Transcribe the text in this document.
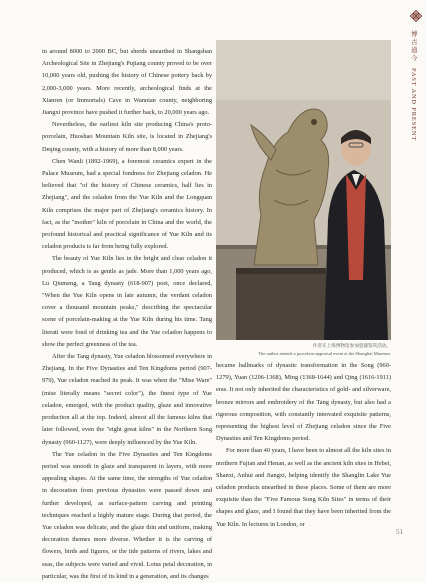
博古通今
PAST AND PRESENT

in around 8000 to 2000 BC, but sherds unearthed in Shangshan Archeological Site in Zhejiang's Pujiang county proved to be over 10,000 years old, pushing the history of Chinese pottery back by 2,000-3,000 years. More recently, archeological finds at the Xianren (or Immortals) Cave in Wannian county, neighboring Jiangxi province have pushed it further back, to 20,000 years ago.

Nevertheless, the earliest kiln site producing China's proto-porcelain, Huoshao Mountain Kiln site, is located in Zhejiang's Deqing county, with a history of more than 8,000 years.

Chen Wanli (1892-1969), a foremost ceramics expert in the Palace Museum, had a special fondness for Zhejiang celadon. He believed that "of the history of Chinese ceramics, half lies in Zhejiang", and the celadon from the Yue Kiln and the Longquan Kiln comprises the major part of Zhejiang's ceramics history. In fact, as the "mother" kiln of porcelain in China and the world, the profound historical and practical significance of Yue Kiln and its celadon products is far from being fully explored.

The beauty of Yue Kiln lies in the bright and clear celadon it produced, which is as gentle as jade. More than 1,000 years ago, Lu Qiumeng, a Tang dynasty (618-907) poet, once declared, "When the Yue Kiln opens in late autumn, the verdant celadon cover a thousand mountain peaks," describing the spectacular scene of porcelain-making at the Yue Kiln during his time. Tang literati were fond of drinking tea and the Yue celadon happens to show the perfect greenness of the tea.

After the Tang dynasty, Yue celadon blossomed everywhere in Zhejiang. In the Five Dynasties and Ten Kingdoms period (907-979), Yue celadon reached its peak. It was when the "Mise Ware" (mise literally means "secret color"), the finest type of Yue celadon, emerged, with the product quality, glaze and innovative production all at the top. Indeed, almost all the famous kilns that later followed, even the "eight great kilns" in the Northern Song dynasty (960-1127), were deeply influenced by the Yue Kiln.

The Yue celadon in the Five Dynasties and Ten Kingdoms period was smooth in glaze and transparent in layers, with more appealing shapes. At the same time, the strengths of Yue celadon in decoration from previous dynasties were passed down and further developed, as surface-pattern carving and printing techniques reached a highly mature stage. During that period, the Yue celadon was delicate, and the glaze thin and uniform, making decoration themes more diverse. Whether it is the carving of flowers, birds and figures, or the tide patterns of rivers, lakes and seas, the subjects were varied and vivid. Lotus petal decoration, in particular, was the first of its kind in a generation, and its changes

作者在上海博物馆参加瓷器鉴赏活动。
The author attends a porcelain-appraisal event at the Shanghai Museum.

became hallmarks of dynastic transformation in the Song (960-1279), Yuan (1206-1368), Ming (1368-1644) and Qing (1616-1911) eras. It not only inherited the characteristics of gold- and silverware, bronze mirrors and embroidery of the Tang dynasty, but also had a rigorous composition, with constantly innovated exquisite patterns, representing the highest level of Zhejiang celadon since the Five Dynasties and Ten Kingdoms period.

For more than 40 years, I have been to almost all the kiln sites in northern Fujian and Henan, as well as the ancient kiln sites in Hebei, Shanxi, Anhui and Jiangxi, helping identify the Shanglin Lake Yue celadon products unearthed in these places. Some of them are more exquisite than the "Five Famous Song Kiln Sites" in terms of their shapes and glaze, and I found that they have been inherited from the Yue Kiln. In lectures in London, or

51
